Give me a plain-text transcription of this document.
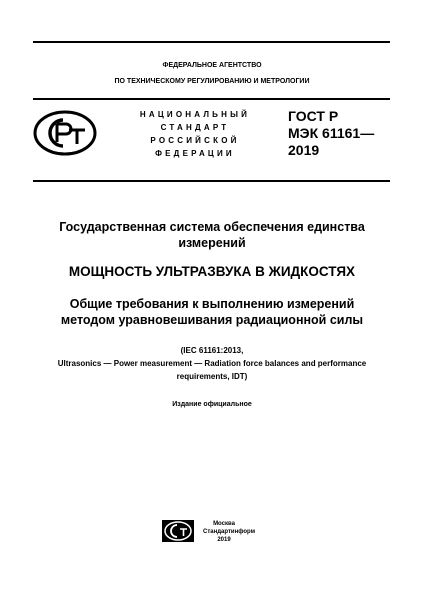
ФЕДЕРАЛЬНОЕ АГЕНТСТВО
ПО ТЕХНИЧЕСКОМУ РЕГУЛИРОВАНИЮ И МЕТРОЛОГИИ
НАЦИОНАЛЬНЫЙ
СТАНДАРТ
РОССИЙСКОЙ
ФЕДЕРАЦИИ
ГОСТ Р
МЭК 61161—
2019
Государственная система обеспечения единства
измерений
МОЩНОСТЬ УЛЬТРАЗВУКА В ЖИДКОСТЯХ
Общие требования к выполнению измерений
методом уравновешивания радиационной силы
(IEC 61161:2013,
Ultrasonics — Power measurement — Radiation force balances and performance
requirements, IDT)
Издание официальное
Москва
Стандартинформ
2019
